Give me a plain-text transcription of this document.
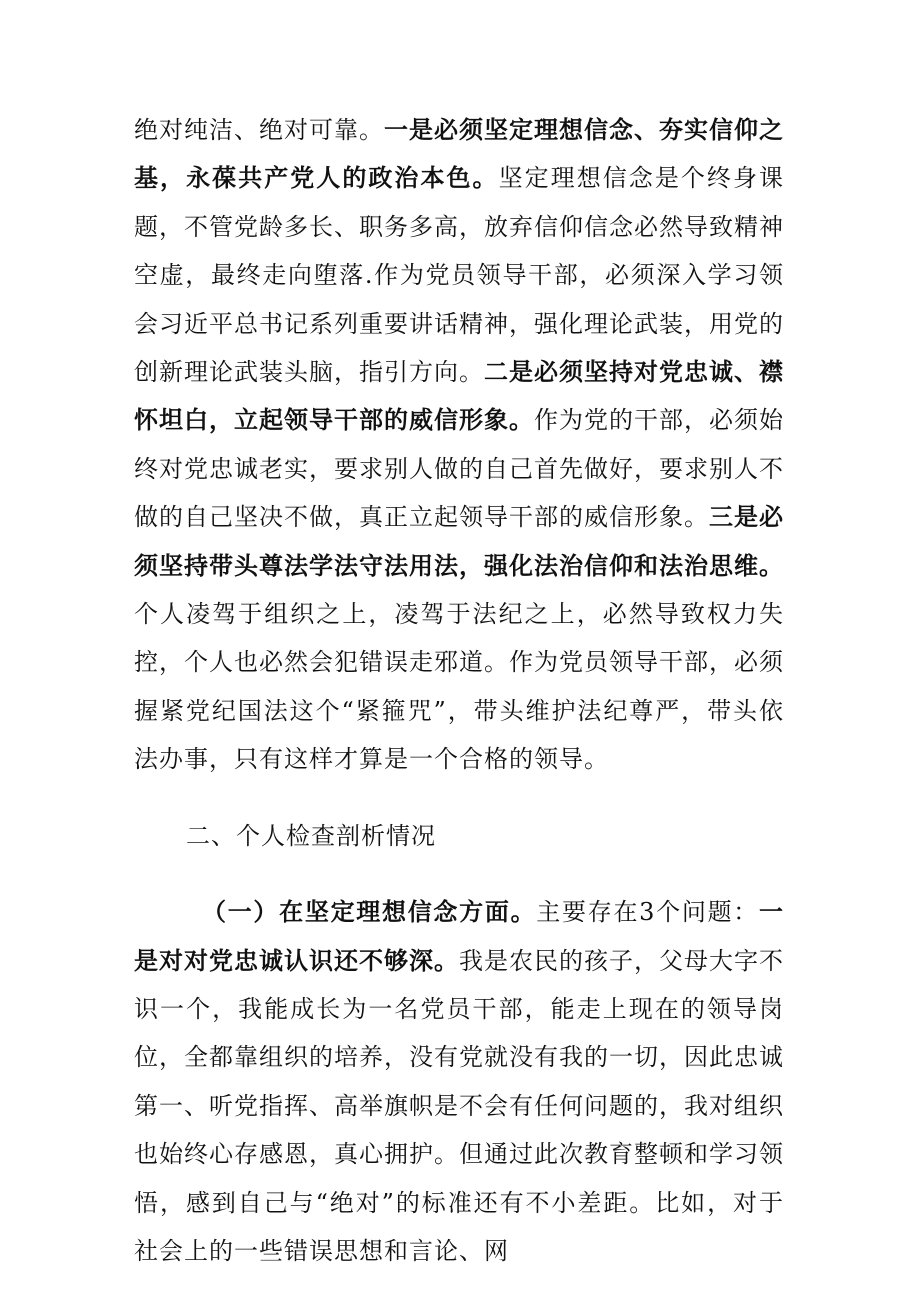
绝对纯洁、绝对可靠。一是必须坚定理想信念、夯实信仰之基，永葆共产党人的政治本色。坚定理想信念是个终身课题，不管党龄多长、职务多高，放弃信仰信念必然导致精神空虚，最终走向堕落.作为党员领导干部，必须深入学习领会习近平总书记系列重要讲话精神，强化理论武装，用党的创新理论武装头脑，指引方向。二是必须坚持对党忠诚、襟怀坦白，立起领导干部的威信形象。作为党的干部，必须始终对党忠诚老实，要求别人做的自己首先做好，要求别人不做的自己坚决不做，真正立起领导干部的威信形象。三是必须坚持带头尊法学法守法用法，强化法治信仰和法治思维。个人凌驾于组织之上，凌驾于法纪之上，必然导致权力失控，个人也必然会犯错误走邪道。作为党员领导干部，必须握紧党纪国法这个“紧箍咒”，带头维护法纪尊严，带头依法办事，只有这样才算是一个合格的领导。

二、个人检查剖析情况

（一）在坚定理想信念方面。主要存在3个问题：一是对对党忠诚认识还不够深。我是农民的孩子，父母大字不识一个，我能成长为一名党员干部，能走上现在的领导岗位，全都靠组织的培养，没有党就没有我的一切，因此忠诚第一、听党指挥、高举旗帜是不会有任何问题的，我对组织也始终心存感恩，真心拥护。但通过此次教育整顿和学习领悟，感到自己与“绝对”的标准还有不小差距。比如，对于社会上的一些错误思想和言论、网
